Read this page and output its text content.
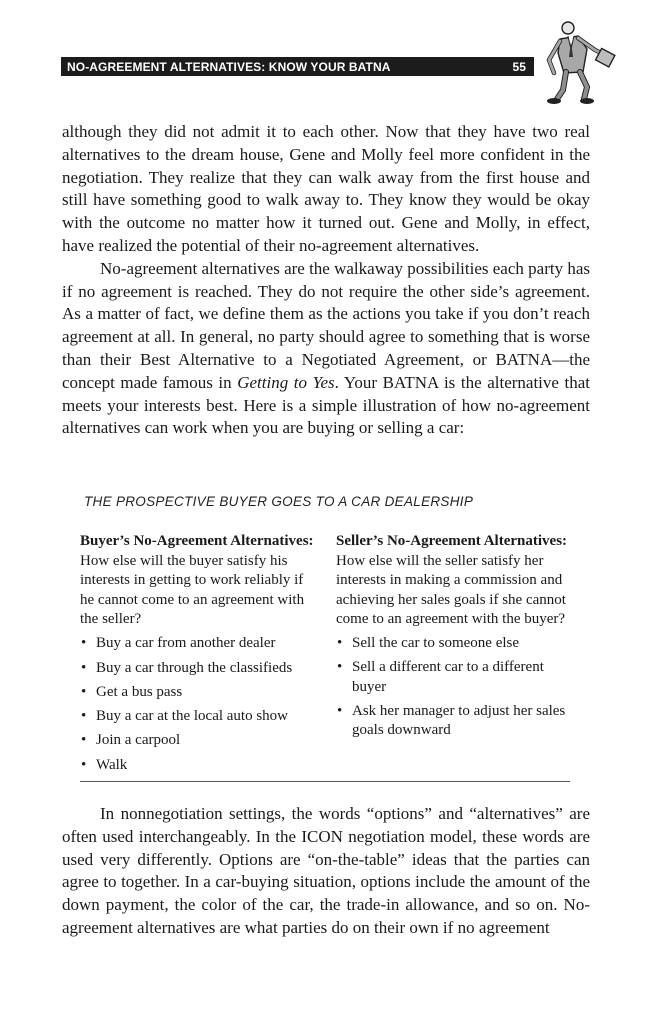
NO-AGREEMENT ALTERNATIVES: KNOW YOUR BATNA	55

although they did not admit it to each other. Now that they have two real alternatives to the dream house, Gene and Molly feel more confident in the negotiation. They realize that they can walk away from the first house and still have something good to walk away to. They know they would be okay with the outcome no matter how it turned out. Gene and Molly, in effect, have realized the potential of their no-agreement alternatives.

No-agreement alternatives are the walkaway possibilities each party has if no agreement is reached. They do not require the other side’s agreement. As a matter of fact, we define them as the actions you take if you don’t reach agreement at all. In general, no party should agree to something that is worse than their Best Alternative to a Negotiated Agreement, or BATNA—the concept made famous in Getting to Yes. Your BATNA is the alternative that meets your interests best. Here is a simple illustration of how no-agreement alternatives can work when you are buying or selling a car:

THE PROSPECTIVE BUYER GOES TO A CAR DEALERSHIP

Buyer’s No-Agreement Alternatives: How else will the buyer satisfy his interests in getting to work reliably if he cannot come to an agreement with the seller?

• Buy a car from another dealer
• Buy a car through the classifieds
• Get a bus pass
• Buy a car at the local auto show
• Join a carpool
• Walk

Seller’s No-Agreement Alternatives: How else will the seller satisfy her interests in making a commission and achieving her sales goals if she cannot come to an agreement with the buyer?

• Sell the car to someone else
• Sell a different car to a different buyer
• Ask her manager to adjust her sales goals downward

In nonnegotiation settings, the words “options” and “alternatives” are often used interchangeably. In the ICON negotiation model, these words are used very differently. Options are “on-the-table” ideas that the parties can agree to together. In a car-buying situation, options include the amount of the down payment, the color of the car, the trade-in allowance, and so on. No-agreement alternatives are what parties do on their own if no agreement
